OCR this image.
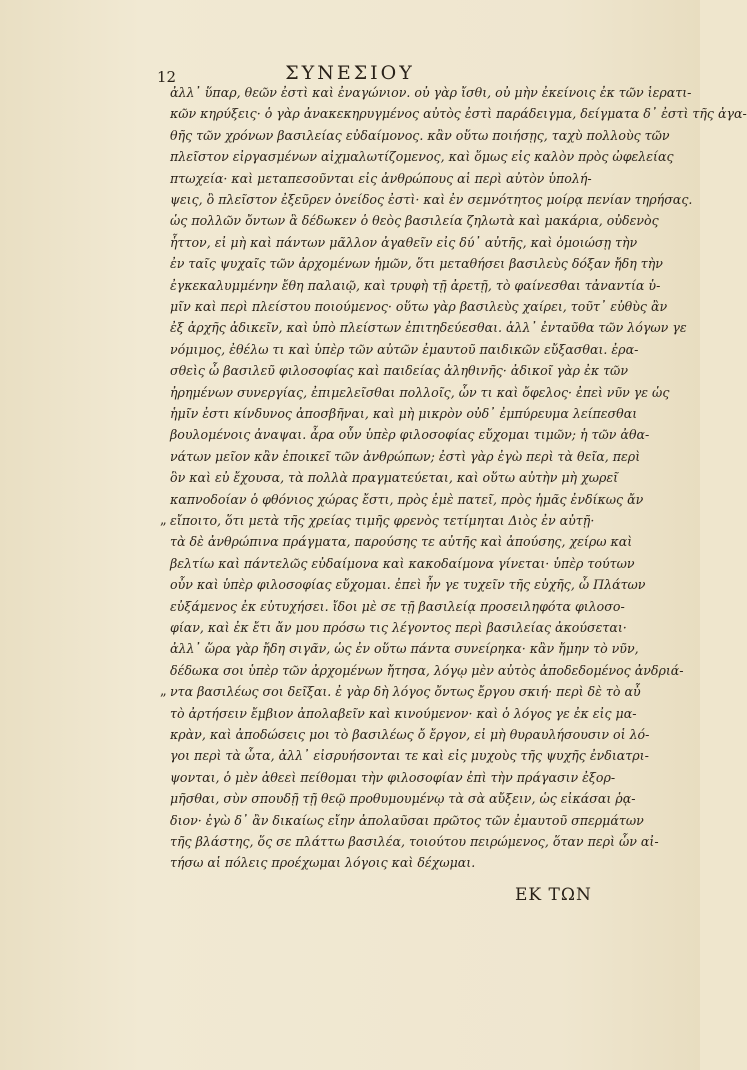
12	ΣΥΝΕΣΙΟΥ
ἀλλ᾽ ὕπαρ, θεῶν ἐστὶ καὶ ἐναγώνιον. οὐ γὰρ ἴσθι, οὐ μὴν ἐκείνοις ἐκ τῶν ἱερατι-
κῶν κηρύξεις· ὁ γὰρ ἀνακεκηρυγμένος αὐτὸς ἐστὶ παράδειγμα, δείγματα δ᾽ ἐστὶ τῆς ἀγα-
θῆς τῶν χρόνων βασιλείας εὐδαίμονος. κἂν οὕτω ποιήσῃς, ταχὺ πολλοὺς τῶν
πλεῖστον εἰργασμένων αἰχμαλωτίζομενος, καὶ ὅμως εἰς καλὸν πρὸς ὠφελείας
πτωχεία· καὶ μεταπεσοῦνται εἰς ἀνθρώπους αἱ περὶ αὐτὸν ὑπολή-
ψεις, ὃ πλεῖστον ἐξεῦρεν ὀνείδος ἐστὶ· καὶ ἐν σεμνότητος μοίρᾳ πενίαν τηρήσας.
ὡς πολλῶν ὄντων ἃ δέδωκεν ὁ θεὸς βασιλεία ζηλωτὰ καὶ μακάρια, οὐδενὸς
ἧττον, εἰ μὴ καὶ πάντων μᾶλλον ἀγαθεῖν εἰς δύ᾽ αὐτῆς, καὶ ὁμοιώσῃ τὴν
ἐν ταῖς ψυχαῖς τῶν ἀρχομένων ἡμῶν, ὅτι μεταθήσει βασιλεὺς δόξαν ἤδη τὴν
ἐγκεκαλυμμένην ἔθη παλαιῷ, καὶ τρυφὴ τῇ ἀρετῇ, τὸ φαίνεσθαι τἀναντία ὑ-
μῖν καὶ περὶ πλείστου ποιούμενος· οὕτω γὰρ βασιλεὺς χαίρει, τοῦτ᾽ εὐθὺς ἂν
ἐξ ἀρχῆς ἀδικεῖν, καὶ ὑπὸ πλείστων ἐπιτηδεύεσθαι. ἀλλ᾽ ἐνταῦθα τῶν λόγων γε
νόμιμος, ἐθέλω τι καὶ ὑπὲρ τῶν αὐτῶν ἐμαυτοῦ παιδικῶν εὔξασθαι. ἐρα-
σθεὶς ὦ βασιλεῦ φιλοσοφίας καὶ παιδείας ἀληθινῆς· ἀδικοῖ γὰρ ἐκ τῶν
ἠρημένων συνεργίας, ἐπιμελεῖσθαι πολλοῖς, ὧν τι καὶ ὄφελος· ἐπεὶ νῦν γε ὡς
ἡμῖν ἐστι κίνδυνος ἀποσβῆναι, καὶ μὴ μικρὸν οὐδ᾽ ἐμπύρευμα λείπεσθαι
βουλομένοις ἀναψαι. ἆρα οὖν ὑπὲρ φιλοσοφίας εὔχομαι τιμῶν; ἡ τῶν ἀθα-
νάτων μεῖον κἂν ἐποικεῖ τῶν ἀνθρώπων; ἐστὶ γὰρ ἐγὼ περὶ τὰ θεῖα, περὶ
ὃν καὶ εὐ ἔχουσα, τὰ πολλὰ πραγματεύεται, καὶ οὕτω αὐτὴν μὴ χωρεῖ
καπνοδοίαν ὁ φθόνιος χώρας ἔστι, πρὸς ἐμὲ πατεῖ, πρὸς ἡμᾶς ἐνδίκως ἄν
„ εἴποιτο, ὅτι μετὰ τῆς χρείας τιμῆς φρενὸς τετίμηται Διὸς ἐν αὐτῇ·
τὰ δὲ ἀνθρώπινα πράγματα, παρούσης τε αὐτῆς καὶ ἀπούσης, χείρω καὶ
βελτίω καὶ πάντελῶς εὐδαίμονα καὶ κακοδαίμονα γίνεται· ὑπὲρ τούτων
οὖν καὶ ὑπὲρ φιλοσοφίας εὔχομαι. ἐπεὶ ἦν γε τυχεῖν τῆς εὐχῆς, ὦ Πλάτων
εὐξάμενος ἐκ εὐτυχήσει. ἴδοι μὲ σε τῇ βασιλείᾳ προσειληφότα φιλοσο-
φίαν, καὶ ἐκ ἔτι ἄν μου πρόσω τις λέγοντος περὶ βασιλείας ἀκούσεται·
ἀλλ᾽ ὥρα γὰρ ἤδη σιγᾶν, ὡς ἐν οὕτω πάντα συνείρηκα· κἂν ἤμην τὸ νῦν,
δέδωκα σοι ὑπὲρ τῶν ἀρχομένων ἤτησα, λόγῳ μὲν αὐτὸς ἀποδεδομένος ἀνδριά-
„ ντα βασιλέως σοι δεῖξαι. ἐ γὰρ δὴ λόγος ὄντως ἔργου σκιή· περὶ δὲ τὸ αὖ
τὸ ἀρτήσειν ἔμβιον ἀπολαβεῖν καὶ κινούμενον· καὶ ὁ λόγος γε ἐκ εἰς μα-
κρὰν, καὶ ἀποδώσεις μοι τὸ βασιλέως ὄ ἔργον, εἰ μὴ θυραυλήσουσιν οἱ λό-
γοι περὶ τὰ ὦτα, ἀλλ᾽ εἰσρυήσονται τε καὶ εἰς μυχοὺς τῆς ψυχῆς ἐνδιατρι-
ψονται, ὁ μὲν ἀθεεὶ πείθομαι τὴν φιλοσοφίαν ἐπὶ τὴν πράγασιν ἐξορ-
μῆσθαι, σὺν σπουδῇ τῇ θεῷ προθυμουμένῳ τὰ σὰ αὔξειν, ὡς εἰκάσαι ῥᾳ-
διον· ἐγὼ δ᾽ ἂν δικαίως εἴην ἀπολαῦσαι πρῶτος τῶν ἐμαυτοῦ σπερμάτων
τῆς βλάστης, ὅς σε πλάττω βασιλέα, τοιούτου πειρώμενος, ὅταν περὶ ὧν αἰ-
τήσω αἱ πόλεις προέχωμαι λόγοις καὶ δέχωμαι.
ΕΚ ΤΩΝ
